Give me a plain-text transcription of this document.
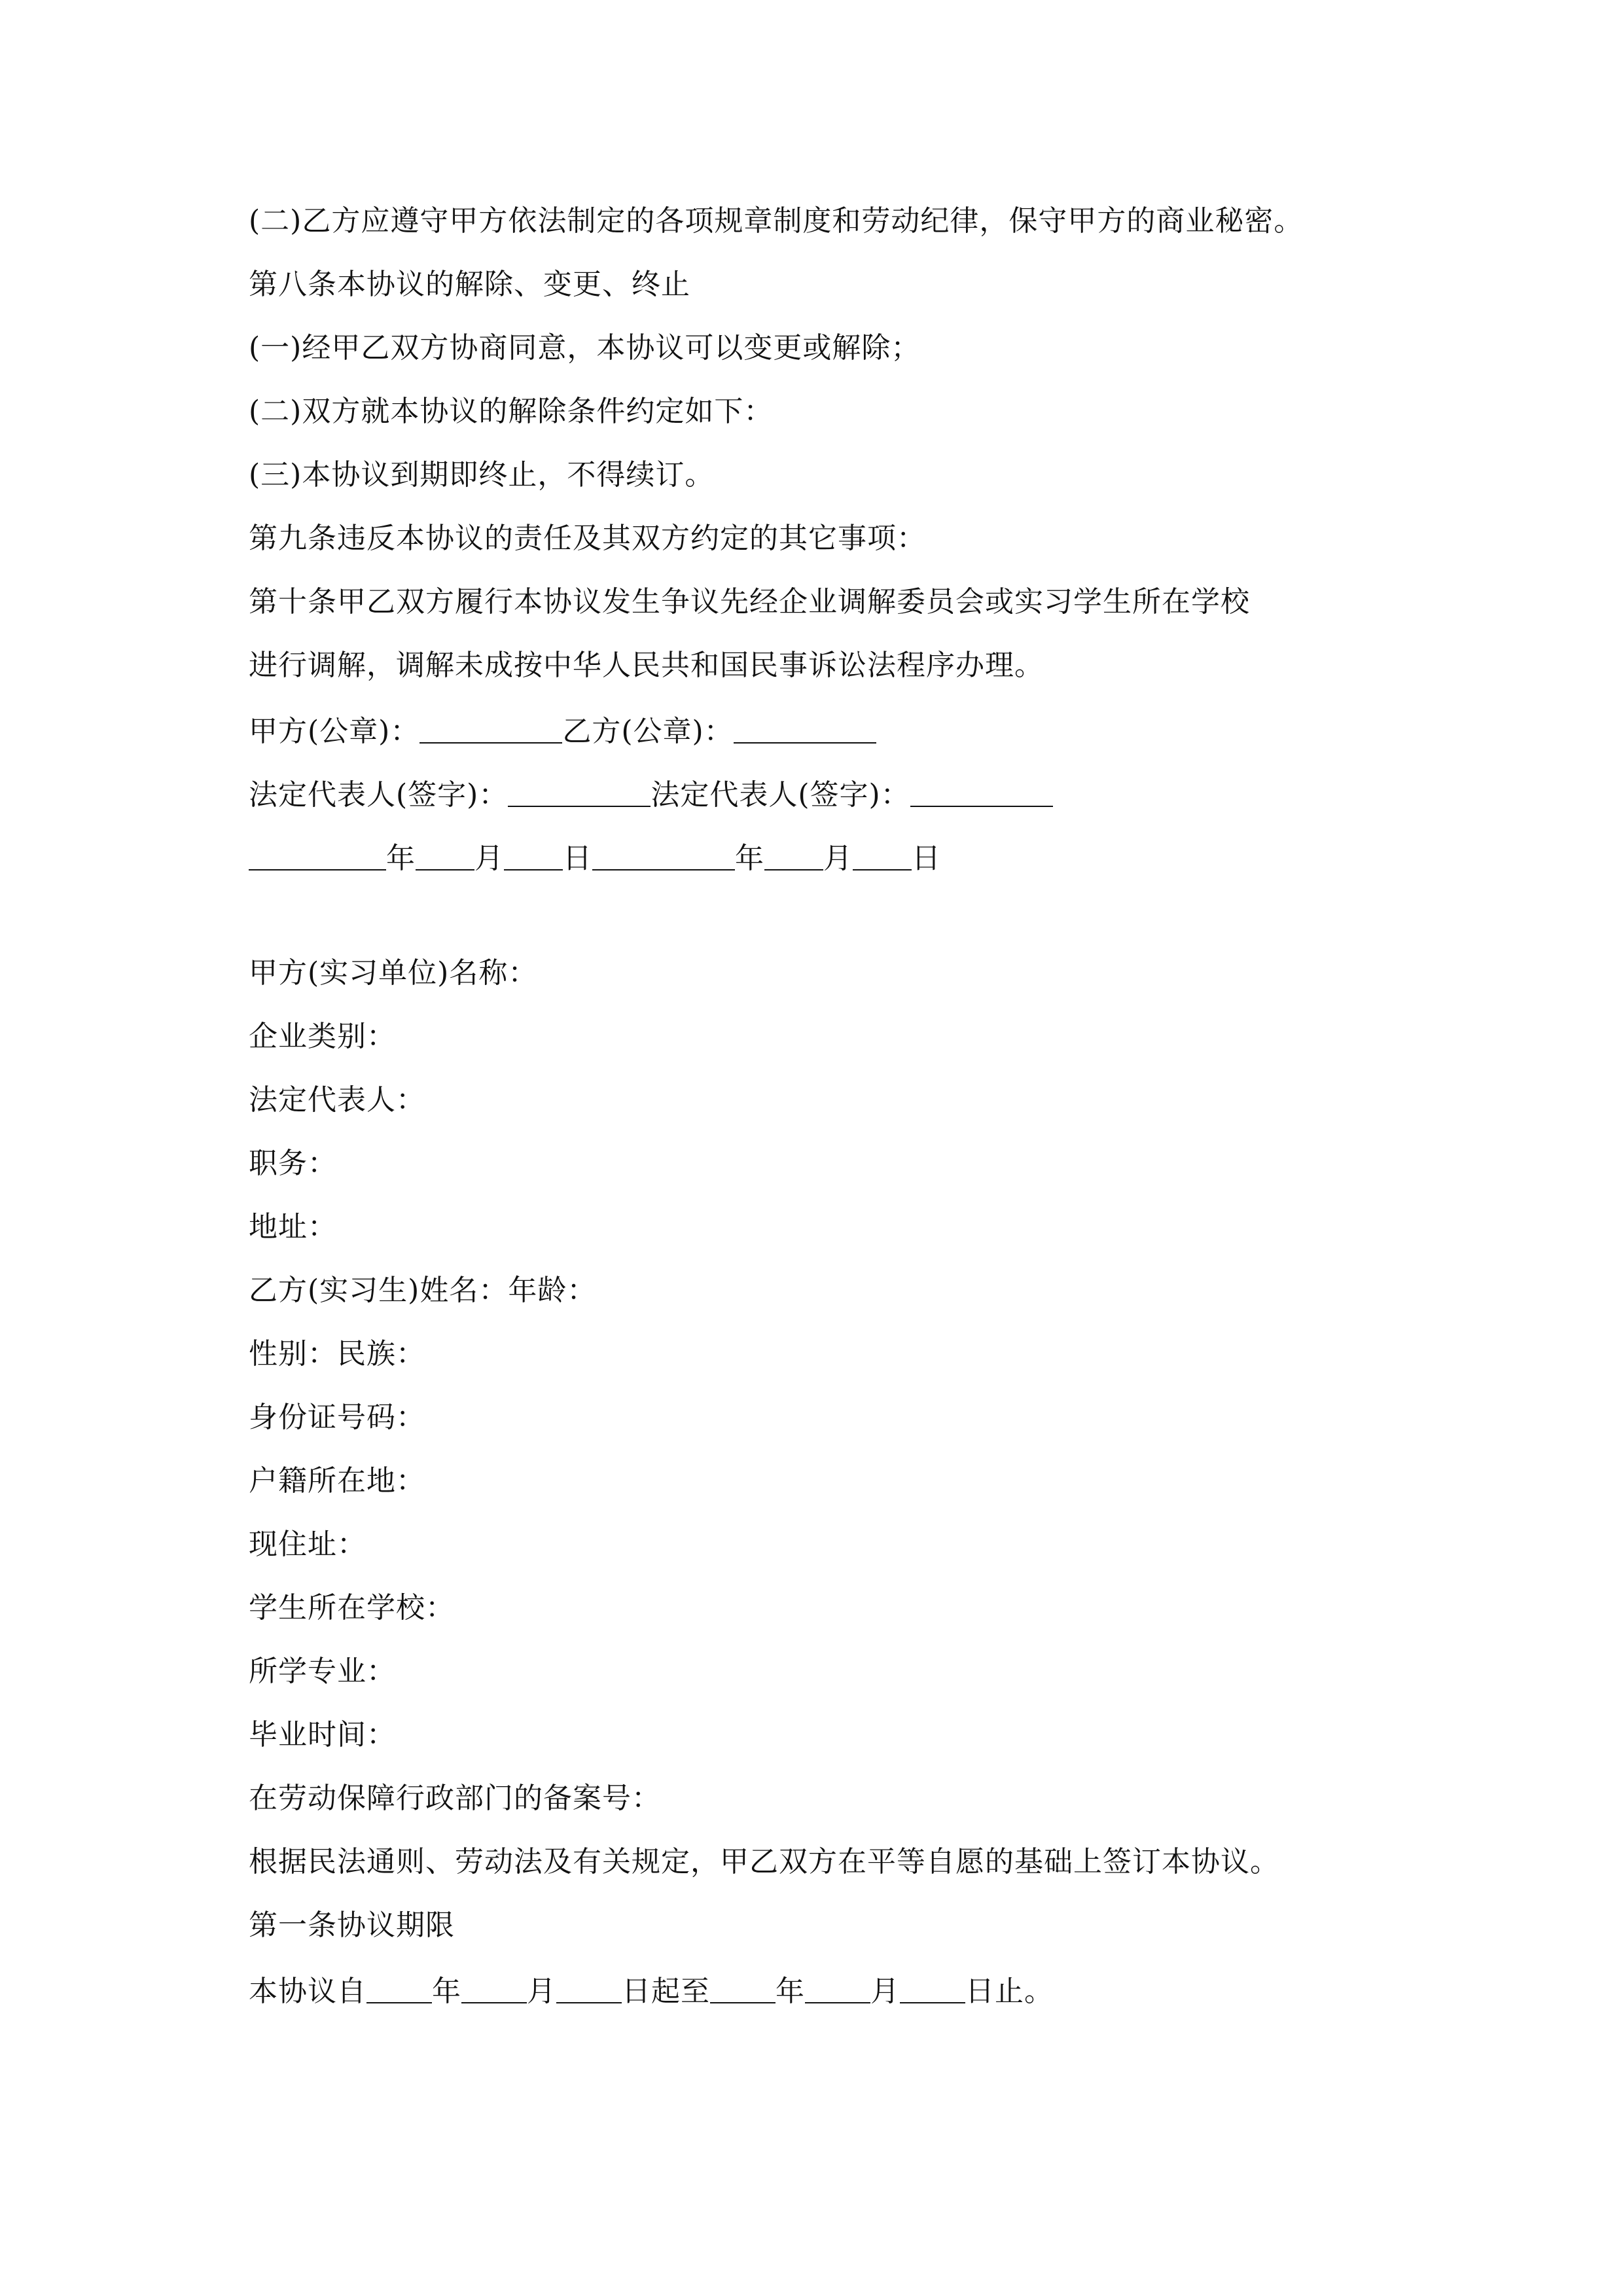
(二)乙方应遵守甲方依法制定的各项规章制度和劳动纪律，保守甲方的商业秘密。
第八条本协议的解除、变更、终止
(一)经甲乙双方协商同意，本协议可以变更或解除；
(二)双方就本协议的解除条件约定如下：
(三)本协议到期即终止，不得续订。
第九条违反本协议的责任及其双方约定的其它事项：
第十条甲乙双方履行本协议发生争议先经企业调解委员会或实习学生所在学校
进行调解，调解未成按中华人民共和国民事诉讼法程序办理。
甲方(公章)：	乙方(公章)：
法定代表人(签字)：	法定代表人(签字)：
年 月 日	年 月 日
甲方(实习单位)名称：
企业类别：
法定代表人：
职务：
地址：
乙方(实习生)姓名：年龄：
性别：民族：
身份证号码：
户籍所在地：
现住址：
学生所在学校：
所学专业：
毕业时间：
在劳动保障行政部门的备案号：
根据民法通则、劳动法及有关规定，甲乙双方在平等自愿的基础上签订本协议。
第一条协议期限
本协议自 年 月 日起至 年 月 日止。
